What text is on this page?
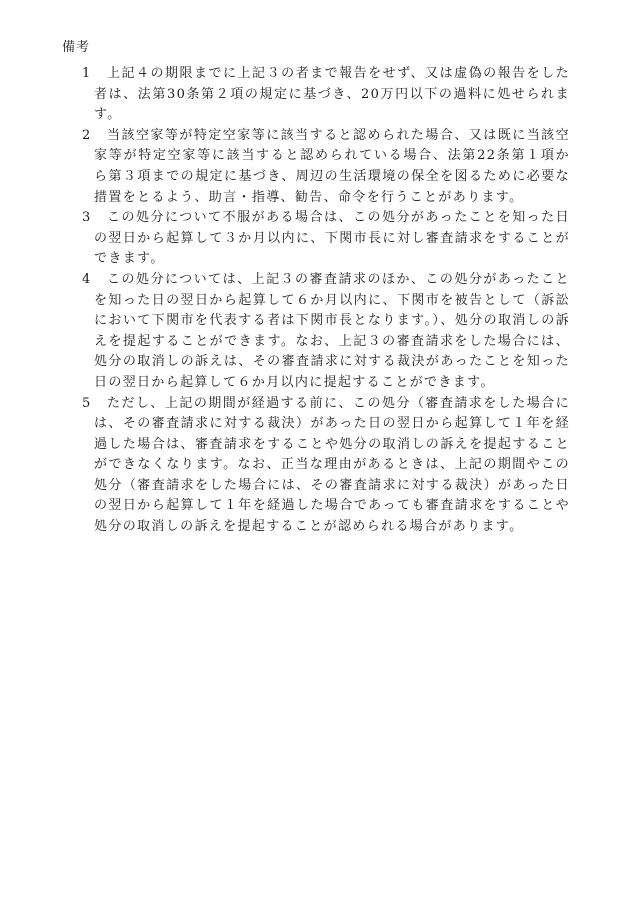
備考
1	上記４の期限までに上記３の者まで報告をせず、又は虚偽の報告をした者は、法第30条第２項の規定に基づき、20万円以下の過料に処せられます。
2	当該空家等が特定空家等に該当すると認められた場合、又は既に当該空家等が特定空家等に該当すると認められている場合、法第22条第１項から第３項までの規定に基づき、周辺の生活環境の保全を図るために必要な措置をとるよう、助言・指導、勧告、命令を行うことがあります。
3	この処分について不服がある場合は、この処分があったことを知った日の翌日から起算して３か月以内に、下関市長に対し審査請求をすることができます。
4	この処分については、上記３の審査請求のほか、この処分があったことを知った日の翌日から起算して６か月以内に、下関市を被告として（訴訟において下関市を代表する者は下関市長となります。）、処分の取消しの訴えを提起することができます。なお、上記３の審査請求をした場合には、処分の取消しの訴えは、その審査請求に対する裁決があったことを知った日の翌日から起算して６か月以内に提起することができます。
5	ただし、上記の期間が経過する前に、この処分（審査請求をした場合には、その審査請求に対する裁決）があった日の翌日から起算して１年を経過した場合は、審査請求をすることや処分の取消しの訴えを提起することができなくなります。なお、正当な理由があるときは、上記の期間やこの処分（審査請求をした場合には、その審査請求に対する裁決）があった日の翌日から起算して１年を経過した場合であっても審査請求をすることや処分の取消しの訴えを提起することが認められる場合があります。
